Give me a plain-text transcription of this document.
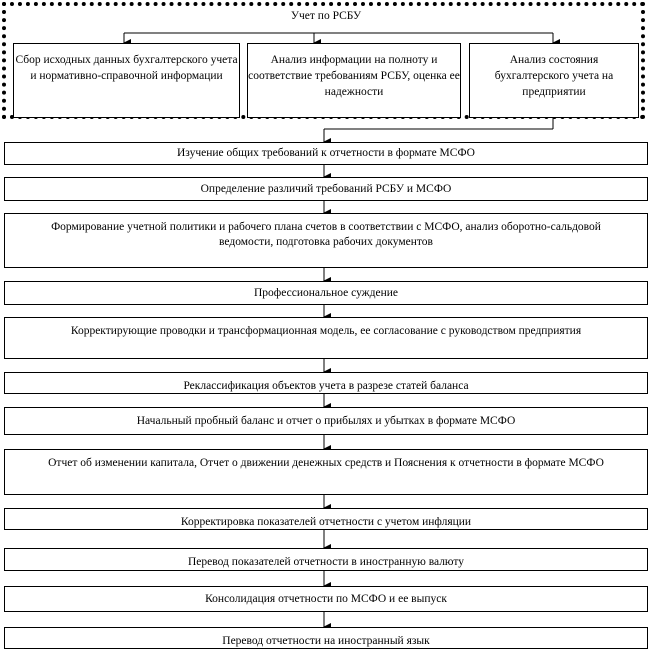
Учет по РСБУ
Сбор исходных данных бухгалтерского учета и нормативно-справочной информации
Анализ информации на полноту и соответствие требованиям РСБУ, оценка ее надежности
Анализ состояния бухгалтерского учета на предприятии
Изучение общих требований к отчетности в формате МСФО
Определение различий требований РСБУ и МСФО
Формирование учетной политики и рабочего плана счетов в соответствии с МСФО, анализ оборотно-сальдовой ведомости, подготовка рабочих документов
Профессиональное суждение
Корректирующие проводки и трансформационная модель, ее согласование с руководством предприятия
Реклассификация объектов учета в разрезе статей баланса
Начальный пробный баланс и отчет о прибылях и убытках в формате МСФО
Отчет об изменении капитала, Отчет о движении денежных средств и Пояснения к отчетности в формате МСФО
Корректировка показателей отчетности с учетом инфляции
Перевод показателей отчетности в иностранную валюту
Консолидация отчетности по МСФО и ее выпуск
Перевод отчетности на иностранный язык
